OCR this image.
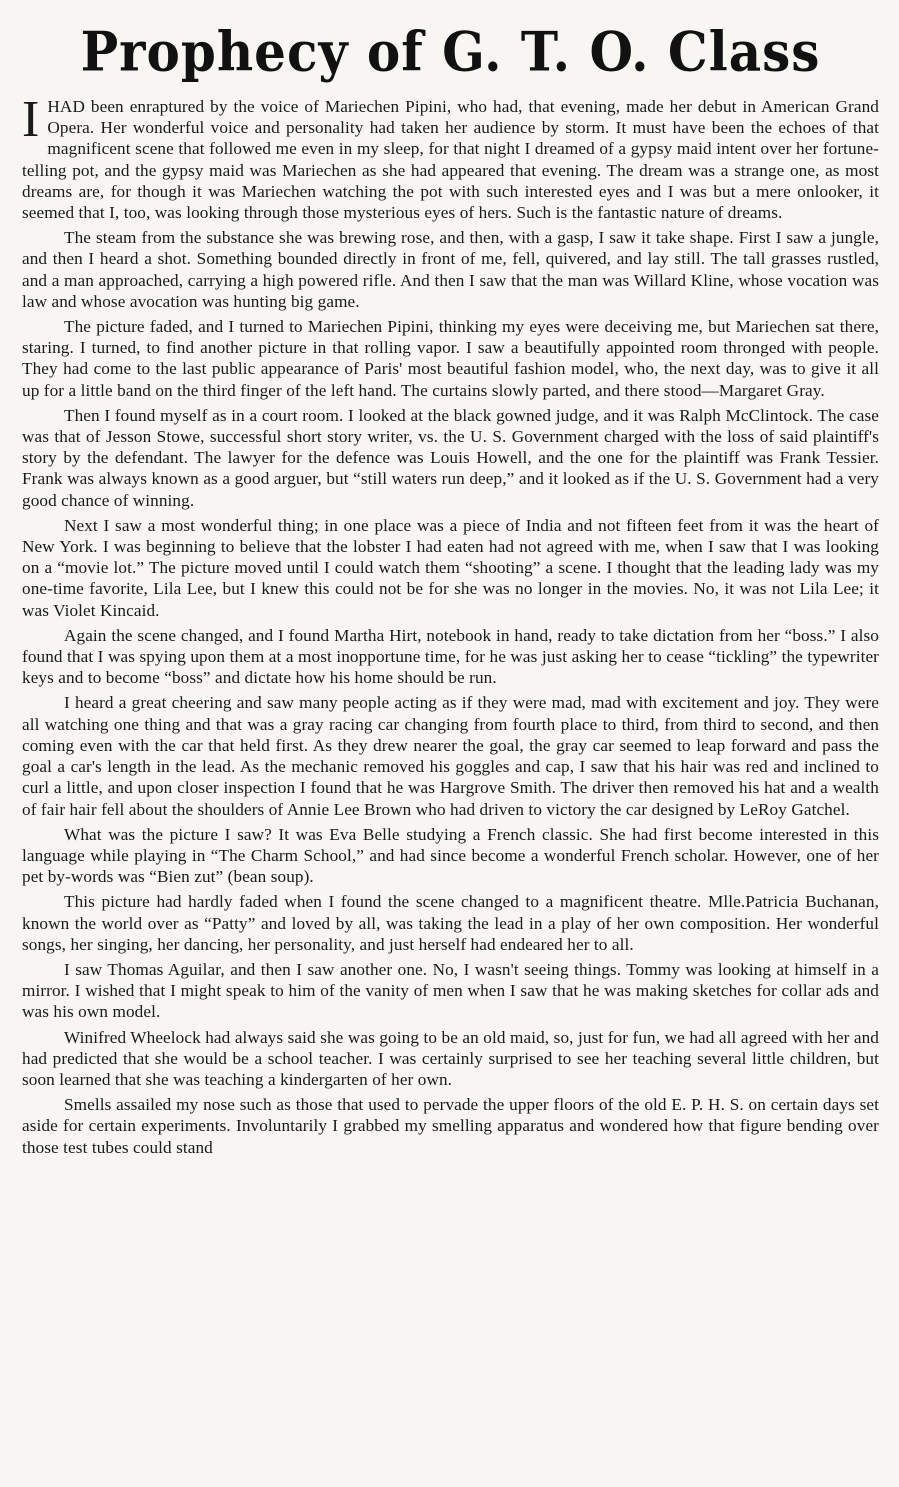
Prophecy of G. T. O. Class

IHAD been enraptured by the voice of Mariechen Pipini, who had, that evening, made her debut in American Grand Opera. Her wonderful voice and personality had taken her audience by storm. It must have been the echoes of that magnificent scene that followed me even in my sleep, for that night I dreamed of a gypsy maid intent over her fortune-telling pot, and the gypsy maid was Mariechen as she had appeared that evening. The dream was a strange one, as most dreams are, for though it was Mariechen watching the pot with such interested eyes and I was but a mere onlooker, it seemed that I, too, was looking through those mysterious eyes of hers. Such is the fantastic nature of dreams.

The steam from the substance she was brewing rose, and then, with a gasp, I saw it take shape. First I saw a jungle, and then I heard a shot. Something bounded directly in front of me, fell, quivered, and lay still. The tall grasses rustled, and a man approached, carrying a high powered rifle. And then I saw that the man was Willard Kline, whose vocation was law and whose avocation was hunting big game.

The picture faded, and I turned to Mariechen Pipini, thinking my eyes were deceiving me, but Mariechen sat there, staring. I turned, to find another picture in that rolling vapor. I saw a beautifully appointed room thronged with people. They had come to the last public appearance of Paris' most beautiful fashion model, who, the next day, was to give it all up for a little band on the third finger of the left hand. The curtains slowly parted, and there stood—Margaret Gray.

Then I found myself as in a court room. I looked at the black gowned judge, and it was Ralph McClintock. The case was that of Jesson Stowe, successful short story writer, vs. the U. S. Government charged with the loss of said plaintiff's story by the defendant. The lawyer for the defence was Louis Howell, and the one for the plaintiff was Frank Tessier. Frank was always known as a good arguer, but “still waters run deep,” and it looked as if the U. S. Government had a very good chance of winning.

Next I saw a most wonderful thing; in one place was a piece of India and not fifteen feet from it was the heart of New York. I was beginning to believe that the lobster I had eaten had not agreed with me, when I saw that I was looking on a “movie lot.” The picture moved until I could watch them “shooting” a scene. I thought that the leading lady was my one-time favorite, Lila Lee, but I knew this could not be for she was no longer in the movies. No, it was not Lila Lee; it was Violet Kincaid.

Again the scene changed, and I found Martha Hirt, notebook in hand, ready to take dictation from her “boss.” I also found that I was spying upon them at a most inopportune time, for he was just asking her to cease “tickling” the typewriter keys and to become “boss” and dictate how his home should be run.

I heard a great cheering and saw many people acting as if they were mad, mad with excitement and joy. They were all watching one thing and that was a gray racing car changing from fourth place to third, from third to second, and then coming even with the car that held first. As they drew nearer the goal, the gray car seemed to leap forward and pass the goal a car's length in the lead. As the mechanic removed his goggles and cap, I saw that his hair was red and inclined to curl a little, and upon closer inspection I found that he was Hargrove Smith. The driver then removed his hat and a wealth of fair hair fell about the shoulders of Annie Lee Brown who had driven to victory the car designed by LeRoy Gatchel.

What was the picture I saw? It was Eva Belle studying a French classic. She had first become interested in this language while playing in “The Charm School,” and had since become a wonderful French scholar. However, one of her pet by-words was “Bien zut” (bean soup).

This picture had hardly faded when I found the scene changed to a magnificent theatre. Mlle.Patricia Buchanan, known the world over as “Patty” and loved by all, was taking the lead in a play of her own composition. Her wonderful songs, her singing, her dancing, her personality, and just herself had endeared her to all.

I saw Thomas Aguilar, and then I saw another one. No, I wasn't seeing things. Tommy was looking at himself in a mirror. I wished that I might speak to him of the vanity of men when I saw that he was making sketches for collar ads and was his own model.

Winifred Wheelock had always said she was going to be an old maid, so, just for fun, we had all agreed with her and had predicted that she would be a school teacher. I was certainly surprised to see her teaching several little children, but soon learned that she was teaching a kindergarten of her own.

Smells assailed my nose such as those that used to pervade the upper floors of the old E. P. H. S. on certain days set aside for certain experiments. Involuntarily I grabbed my smelling apparatus and wondered how that figure bending over those test tubes could stand
